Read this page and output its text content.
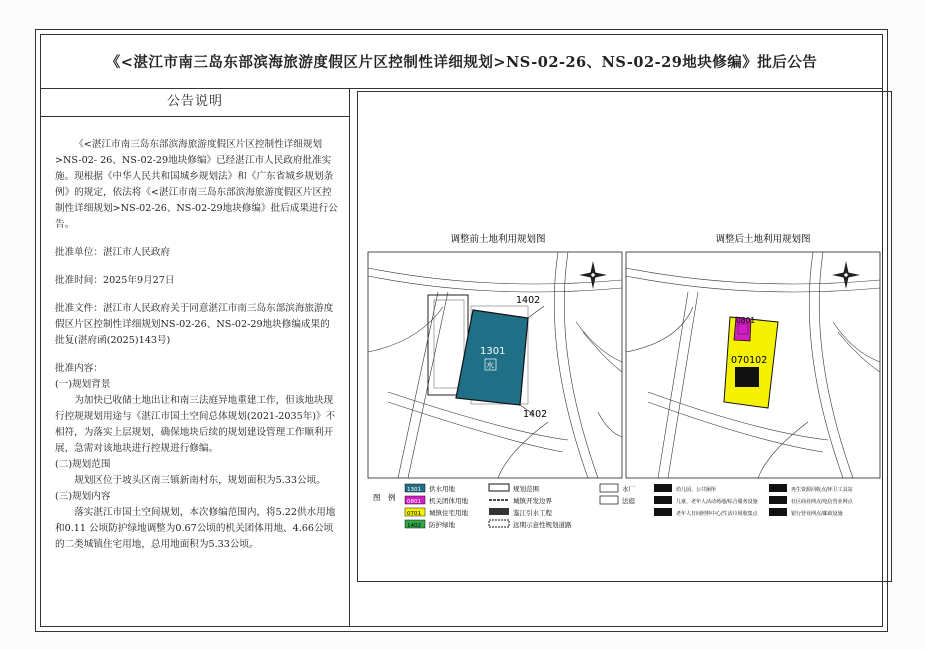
《<湛江市南三岛东部滨海旅游度假区片区控制性详细规划>NS-02-26、NS-02-29地块修编》批后公告
公告说明

《<湛江市南三岛东部滨海旅游度假区片区控制性详细规划>NS-02- 26、NS-02-29地块修编》已经湛江市人民政府批准实施。现根据《中华人民共和国城乡规划法》和《广东省城乡规划条例》的规定，依法将《<湛江市南三岛东部滨海旅游度假区片区控制性详细规划>NS-02-26、NS-02-29地块修编》批后成果进行公告。

批准单位：湛江市人民政府

批准时间：2025年9月27日

批准文件：湛江市人民政府关于同意湛江市南三岛东部滨海旅游度假区片区控制性详细规划NS-02-26、NS-02-29地块修编成果的批复(湛府函(2025)143号)

批准内容：

(一)规划背景

为加快已收储土地出让和南三法庭异地重建工作，但该地块现行控规规划用途与《湛江市国土空间总体规划(2021-2035年)》不相符，为落实上层规划，确保地块后续的规划建设管理工作顺利开展，急需对该地块进行控规进行修编。

(二)规划范围

规划区位于坡头区南三镇新南村东，规划面积为5.33公顷。

(三)规划内容

落实湛江市国土空间规划，本次修编范围内，将5.22供水用地和0.11 公顷防护绿地调整为0.67公顷的机关团体用地、4.66公顷的二类城镇住宅用地，总用地面积为5.33公顷。

调整前土地利用规划图	调整后土地利用规划图
1301
水
1402
1402
0801
070102
图　例
1301 供水用地
0801 机关团体用地
0701 城镇住宅用地
1402 防护绿地
规划范围
城镇开发边界
鉴江引水工程
远期示意性规划道路
水厂
法庭
幼儿园、公共厕所
儿童、老年人活动场地/综合服务设施
老年人日间照料中心/生活垃圾收集点
再生资源回收点/环卫工具站
社区商业网点/电信营业网点
银行营业网点/邮政设施
